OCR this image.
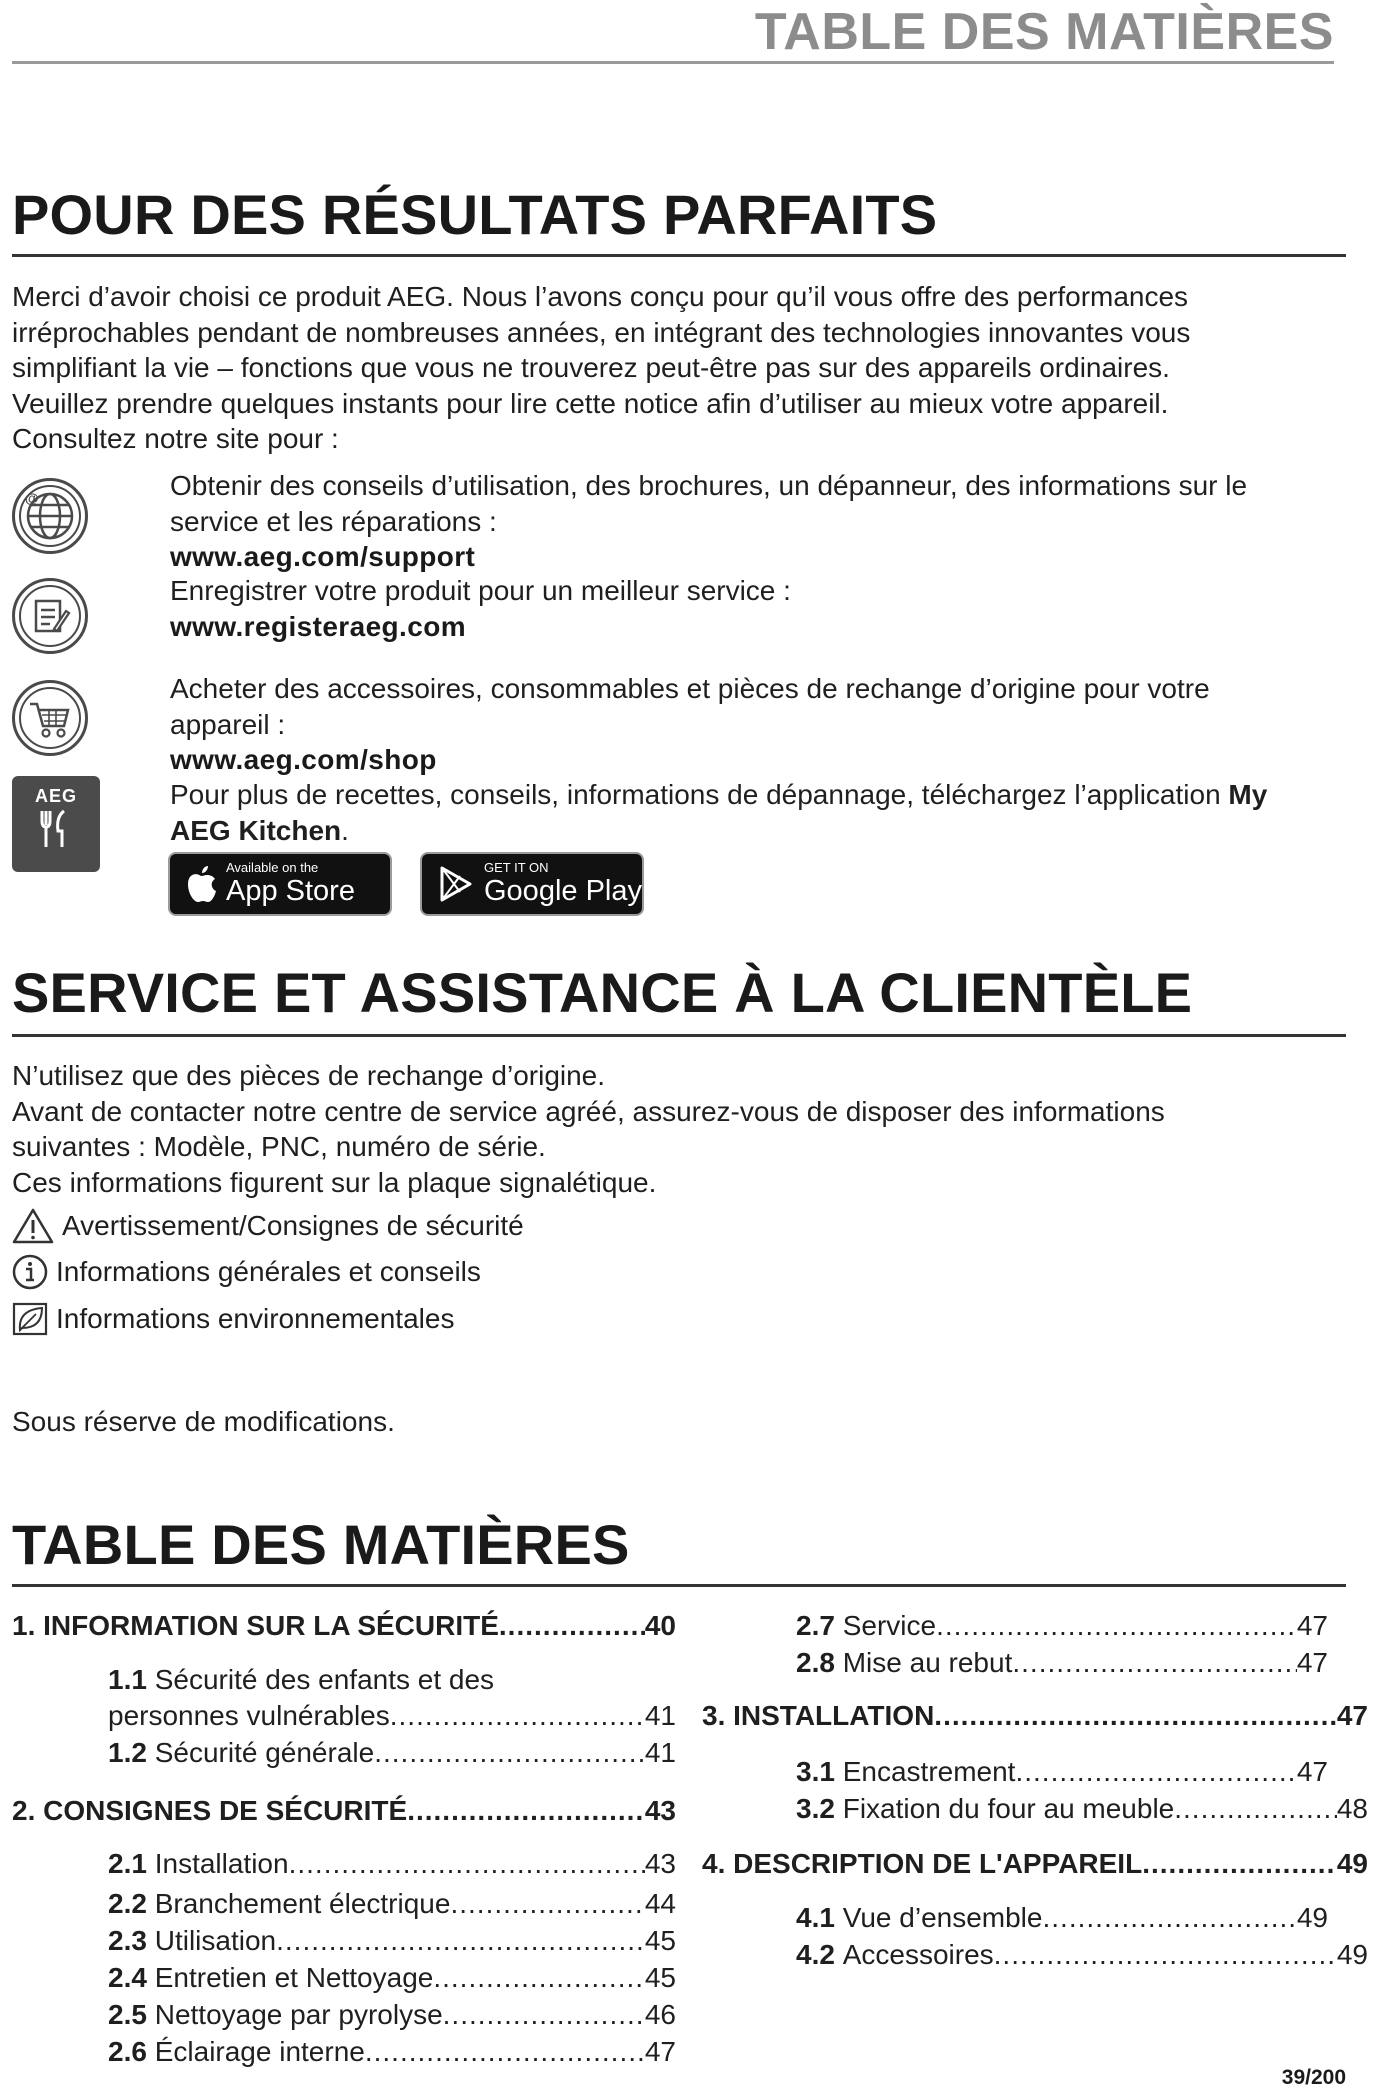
TABLE DES MATIÈRES
POUR DES RÉSULTATS PARFAITS
Merci d’avoir choisi ce produit AEG. Nous l’avons conçu pour qu’il vous offre des performances
irréprochables pendant de nombreuses années, en intégrant des technologies innovantes vous
simplifiant la vie – fonctions que vous ne trouverez peut-être pas sur des appareils ordinaires.
Veuillez prendre quelques instants pour lire cette notice afin d’utiliser au mieux votre appareil.
Consultez notre site pour :
@	Obtenir des conseils d’utilisation, des brochures, un dépanneur, des informations sur le
service et les réparations :
www.aeg.com/support
Enregistrer votre produit pour un meilleur service :
www.registeraeg.com
Acheter des accessoires, consommables et pièces de rechange d’origine pour votre
appareil :
www.aeg.com/shop
AEG	Pour plus de recettes, conseils, informations de dépannage, téléchargez l’application My
AEG Kitchen.
Available on the
App Store
GET IT ON
Google Play
SERVICE ET ASSISTANCE À LA CLIENTÈLE
N’utilisez que des pièces de rechange d’origine.
Avant de contacter notre centre de service agréé, assurez-vous de disposer des informations
suivantes : Modèle, PNC, numéro de série.
Ces informations figurent sur la plaque signalétique.
Avertissement/Consignes de sécurité
Informations générales et conseils
Informations environnementales
Sous réserve de modifications.
TABLE DES MATIÈRES
1. INFORMATION SUR LA SÉCURITÉ .....	40
1.1 Sécurité des enfants et des
personnes vulnérables .....	41
1.2
Sécurité générale .....	41
2. CONSIGNES DE SÉCURITÉ .....	43
2.1
Installation .....	43
2.2
Branchement électrique .....	44
2.3
Utilisation .....	45
2.4
Entretien et Nettoyage .....	45
2.5
Nettoyage par pyrolyse .....	46
2.6
Éclairage interne .....	47
2.7
Service .....	47
2.8
Mise au rebut .....	47
3. INSTALLATION .....	47
3.1
Encastrement .....	47
3.2
Fixation du four au meuble .....	48
4. DESCRIPTION DE L'APPAREIL .....	49
4.1
Vue d’ensemble .....	49
4.2
Accessoires .....	49
39/200
